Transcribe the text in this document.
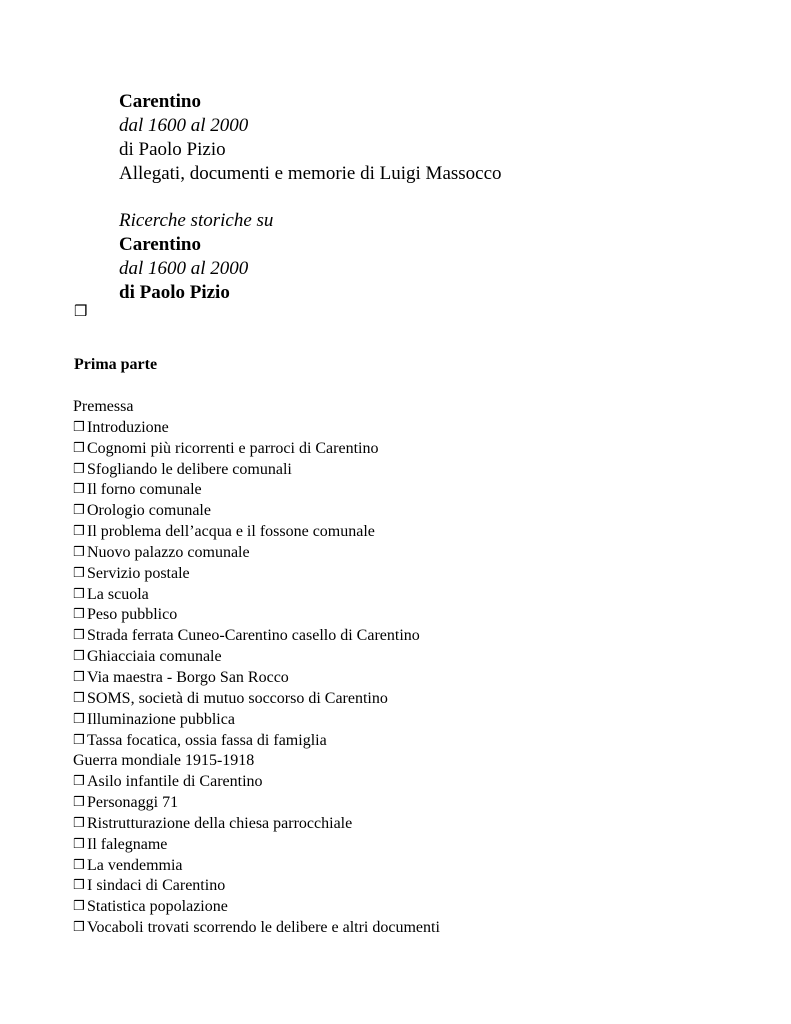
Carentino
dal 1600 al 2000
di Paolo Pizio
Allegati, documenti e memorie di Luigi Massocco
Ricerche storiche su
Carentino
dal 1600 al 2000
di Paolo Pizio
❒
Prima parte
Premessa
❒ Introduzione
❒ Cognomi più ricorrenti e parroci di Carentino
❒ Sfogliando le delibere comunali
❒ Il forno comunale
❒ Orologio comunale
❒ Il problema dell’acqua e il fossone comunale
❒ Nuovo palazzo comunale
❒ Servizio postale
❒ La scuola
❒ Peso pubblico
❒ Strada ferrata Cuneo-Carentino casello di Carentino
❒ Ghiacciaia comunale
❒ Via maestra - Borgo San Rocco
❒ SOMS, società di mutuo soccorso di Carentino
❒ Illuminazione pubblica
❒ Tassa focatica, ossia fassa di famiglia
Guerra mondiale 1915-1918
❒ Asilo infantile di Carentino
❒ Personaggi 71
❒ Ristrutturazione della chiesa parrocchiale
❒ Il falegname
❒ La vendemmia
❒ I sindaci di Carentino
❒ Statistica popolazione
❒ Vocaboli trovati scorrendo le delibere e altri documenti
